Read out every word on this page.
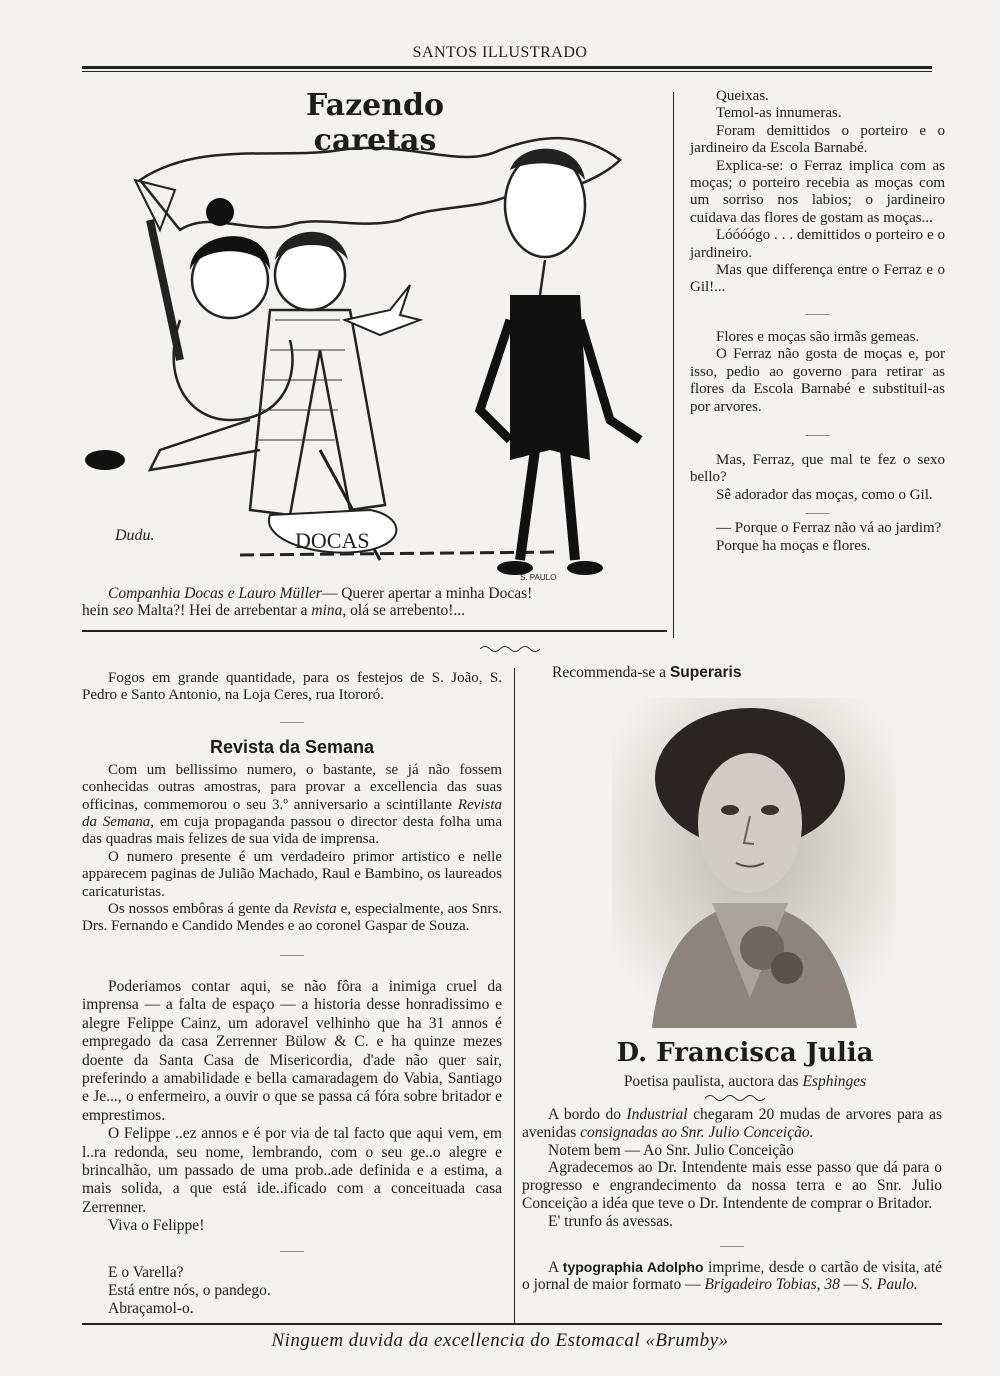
SANTOS ILLUSTRADO
Fazendo caretas
DOCAS
Dudu.
S. PAULO
Companhia Docas e Lauro Müller— Querer apertar a minha Docas!
hein seo Malta?! Hei de arrebentar a mina, olá se arrebento!...

Queixas.

Temol-as innumeras.

Foram demittidos o porteiro e o jardineiro da Escola Barnabé.

Explica-se: o Ferraz implica com as moças; o porteiro recebia as moças com um sorriso nos labios; o jardineiro cuidava das flores de gostam as moças...

Lóóóógo . . . demittidos o porteiro e o jardineiro.

Mas que differença entre o Ferraz e o Gil!...

——

Flores e moças são irmãs gemeas.

O Ferraz não gosta de moças e, por isso, pedio ao governo para retirar as flores da Escola Barnabé e substituil-as por arvores.

——

Mas, Ferraz, que mal te fez o sexo bello?

Sê adorador das moças, como o Gil.

——

— Porque o Ferraz não vá ao jardim?

Porque ha moças e flores.

Fogos em grande quantidade, para os festejos de S. João, S. Pedro e Santo Antonio, na Loja Ceres, rua Itororó.

——
Revista da Semana

Com um bellissimo numero, o bastante, se já não fossem conhecidas outras amostras, para provar a excellencia das suas officinas, commemorou o seu 3.º anniversario a scintillante Revista da Semana, em cuja propaganda passou o director desta folha uma das quadras mais felizes de sua vida de imprensa.

O numero presente é um verdadeiro primor artistico e nelle apparecem paginas de Julião Machado, Raul e Bambino, os laureados caricaturistas.

Os nossos embôras á gente da Revista e, especialmente, aos Snrs. Drs. Fernando e Candido Mendes e ao coronel Gaspar de Souza.

——

Poderiamos contar aqui, se não fôra a inimiga cruel da imprensa — a falta de espaço — a historia desse honradissimo e alegre Felippe Cainz, um adoravel velhinho que ha 31 annos é empregado da casa Zerrenner Bülow & C. e ha quinze mezes doente da Santa Casa de Misericordia, d'ade não quer sair, preferindo a amabilidade e bella camaradagem do Vabia, Santiago e Je..., o enfermeiro, a ouvir o que se passa cá fóra sobre britador e emprestimos.

O Felippe ..ez annos e é por via de tal facto que aqui vem, em l..ra redonda, seu nome, lembrando, com o seu ge..o alegre e brincalhão, um passado de uma prob..ade definida e a estima, a mais solida, a que está ide..ificado com a conceituada casa Zerrenner.

Viva o Felippe!

——

E o Varella?

Está entre nós, o pandego.

Abraçamol-o.

Recommenda-se a Superaris
D. Francisca Julia
Poetisa paulista, auctora das Esphinges

A bordo do Industrial chegaram 20 mudas de arvores para as avenidas consignadas ao Snr. Julio Conceição.

Notem bem — Ao Snr. Julio Conceição

Agradecemos ao Dr. Intendente mais esse passo que dá para o progresso e engrandecimento da nossa terra e ao Snr. Julio Conceição a idéa que teve o Dr. Intendente de comprar o Britador.

E' trunfo ás avessas.

——

A typographia Adolpho imprime, desde o cartão de visita, até o jornal de maior formato — Brigadeiro Tobias, 38 — S. Paulo.

Ninguem duvida da excellencia do Estomacal «Brumby»
